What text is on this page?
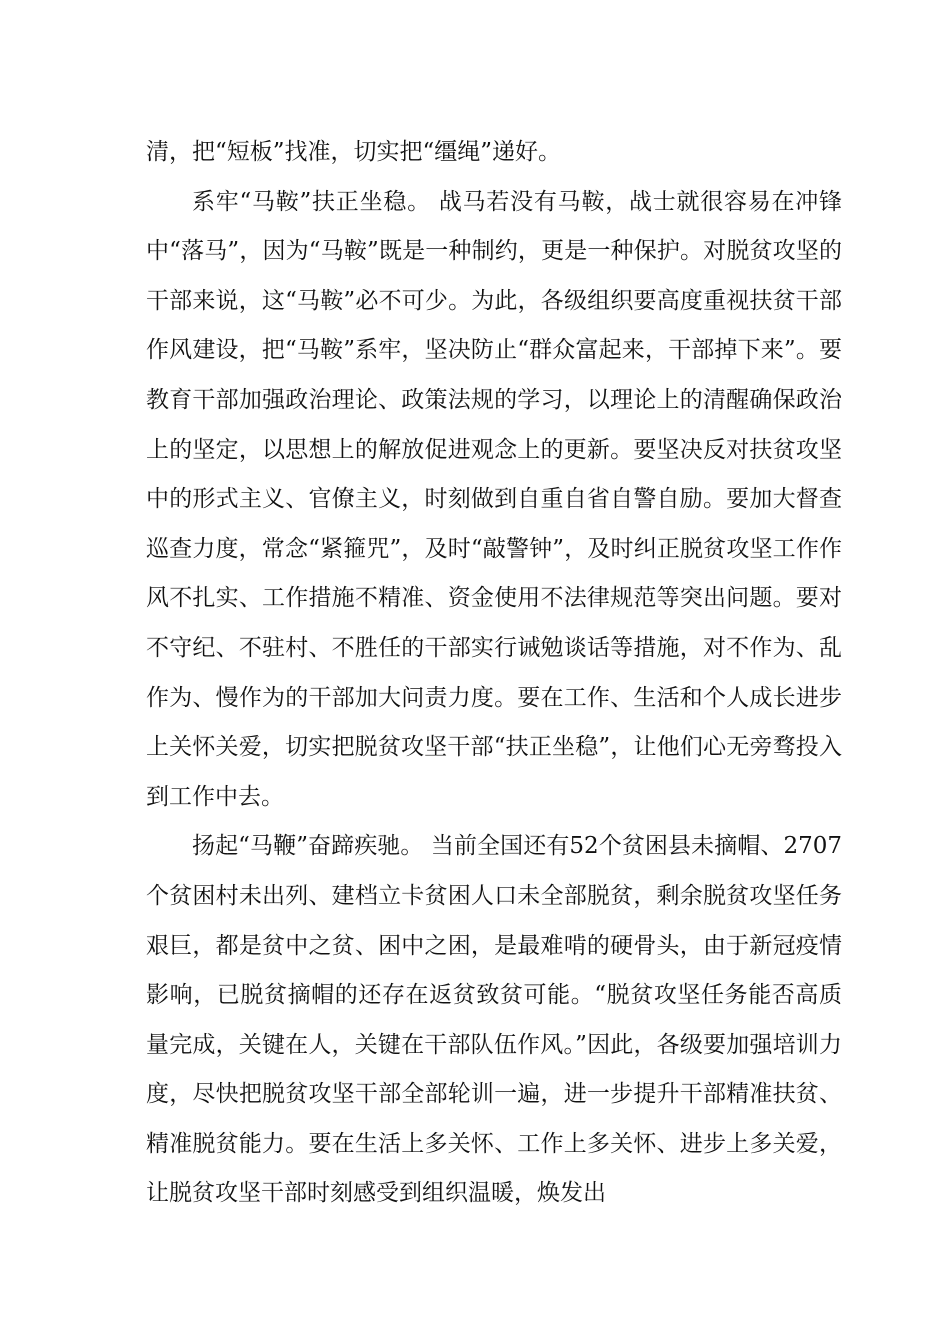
清，把“短板”找准，切实把“缰绳”递好。

系牢“马鞍”扶正坐稳。 战马若没有马鞍，战士就很容易在冲锋中“落马”，因为“马鞍”既是一种制约，更是一种保护。对脱贫攻坚的干部来说，这“马鞍”必不可少。为此，各级组织要高度重视扶贫干部作风建设，把“马鞍”系牢，坚决防止“群众富起来，干部掉下来”。要教育干部加强政治理论、政策法规的学习，以理论上的清醒确保政治上的坚定，以思想上的解放促进观念上的更新。要坚决反对扶贫攻坚中的形式主义、官僚主义，时刻做到自重自省自警自励。要加大督查巡查力度，常念“紧箍咒”，及时“敲警钟”，及时纠正脱贫攻坚工作作风不扎实、工作措施不精准、资金使用不法律规范等突出问题。要对不守纪、不驻村、不胜任的干部实行诫勉谈话等措施，对不作为、乱作为、慢作为的干部加大问责力度。要在工作、生活和个人成长进步上关怀关爱，切实把脱贫攻坚干部“扶正坐稳”，让他们心无旁骛投入到工作中去。

扬起“马鞭”奋蹄疾驰。 当前全国还有52个贫困县未摘帽、2707个贫困村未出列、建档立卡贫困人口未全部脱贫，剩余脱贫攻坚任务艰巨，都是贫中之贫、困中之困，是最难啃的硬骨头，由于新冠疫情影响，已脱贫摘帽的还存在返贫致贫可能。“脱贫攻坚任务能否高质量完成，关键在人，关键在干部队伍作风。”因此，各级要加强培训力度，尽快把脱贫攻坚干部全部轮训一遍，进一步提升干部精准扶贫、精准脱贫能力。要在生活上多关怀、工作上多关怀、进步上多关爱，让脱贫攻坚干部时刻感受到组织温暖，焕发出
